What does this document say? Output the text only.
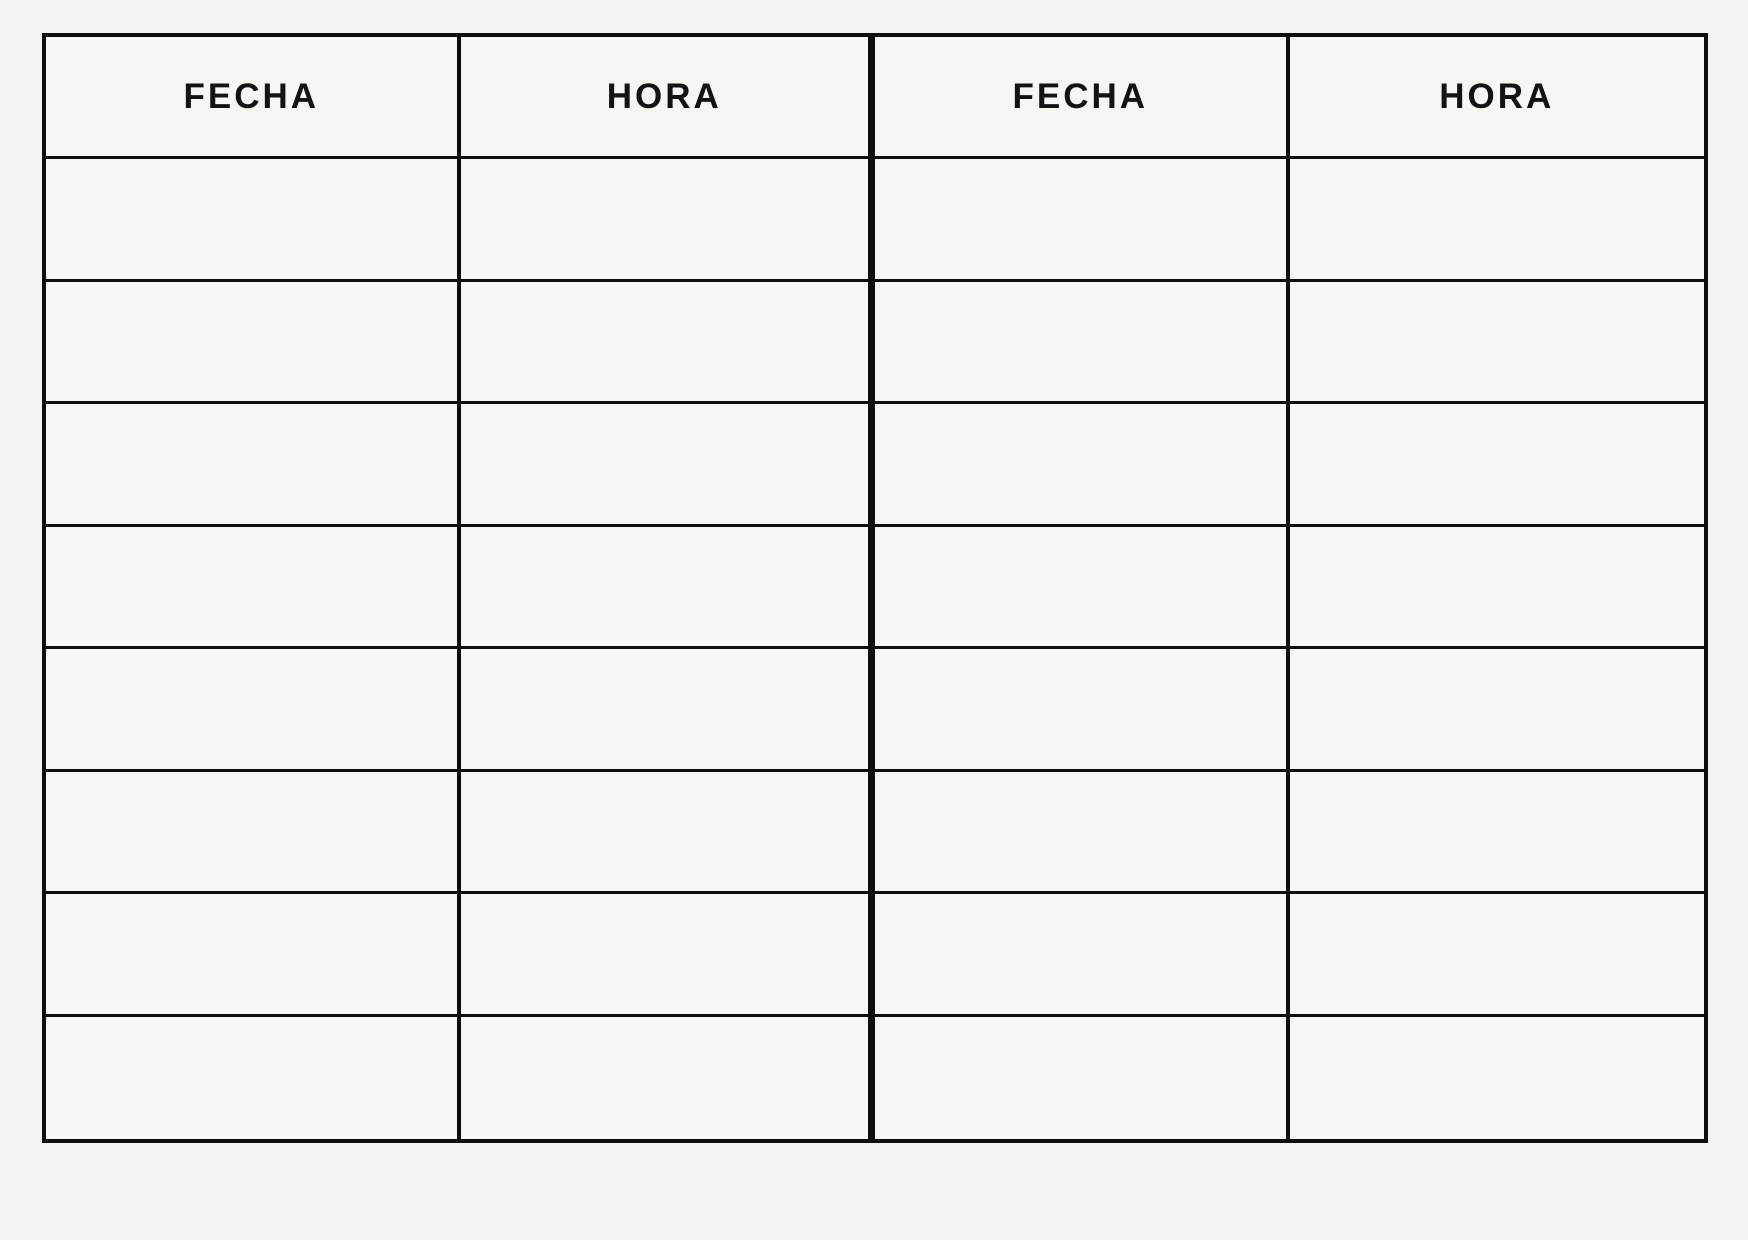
FECHA	HORA	FECHA	HORA
